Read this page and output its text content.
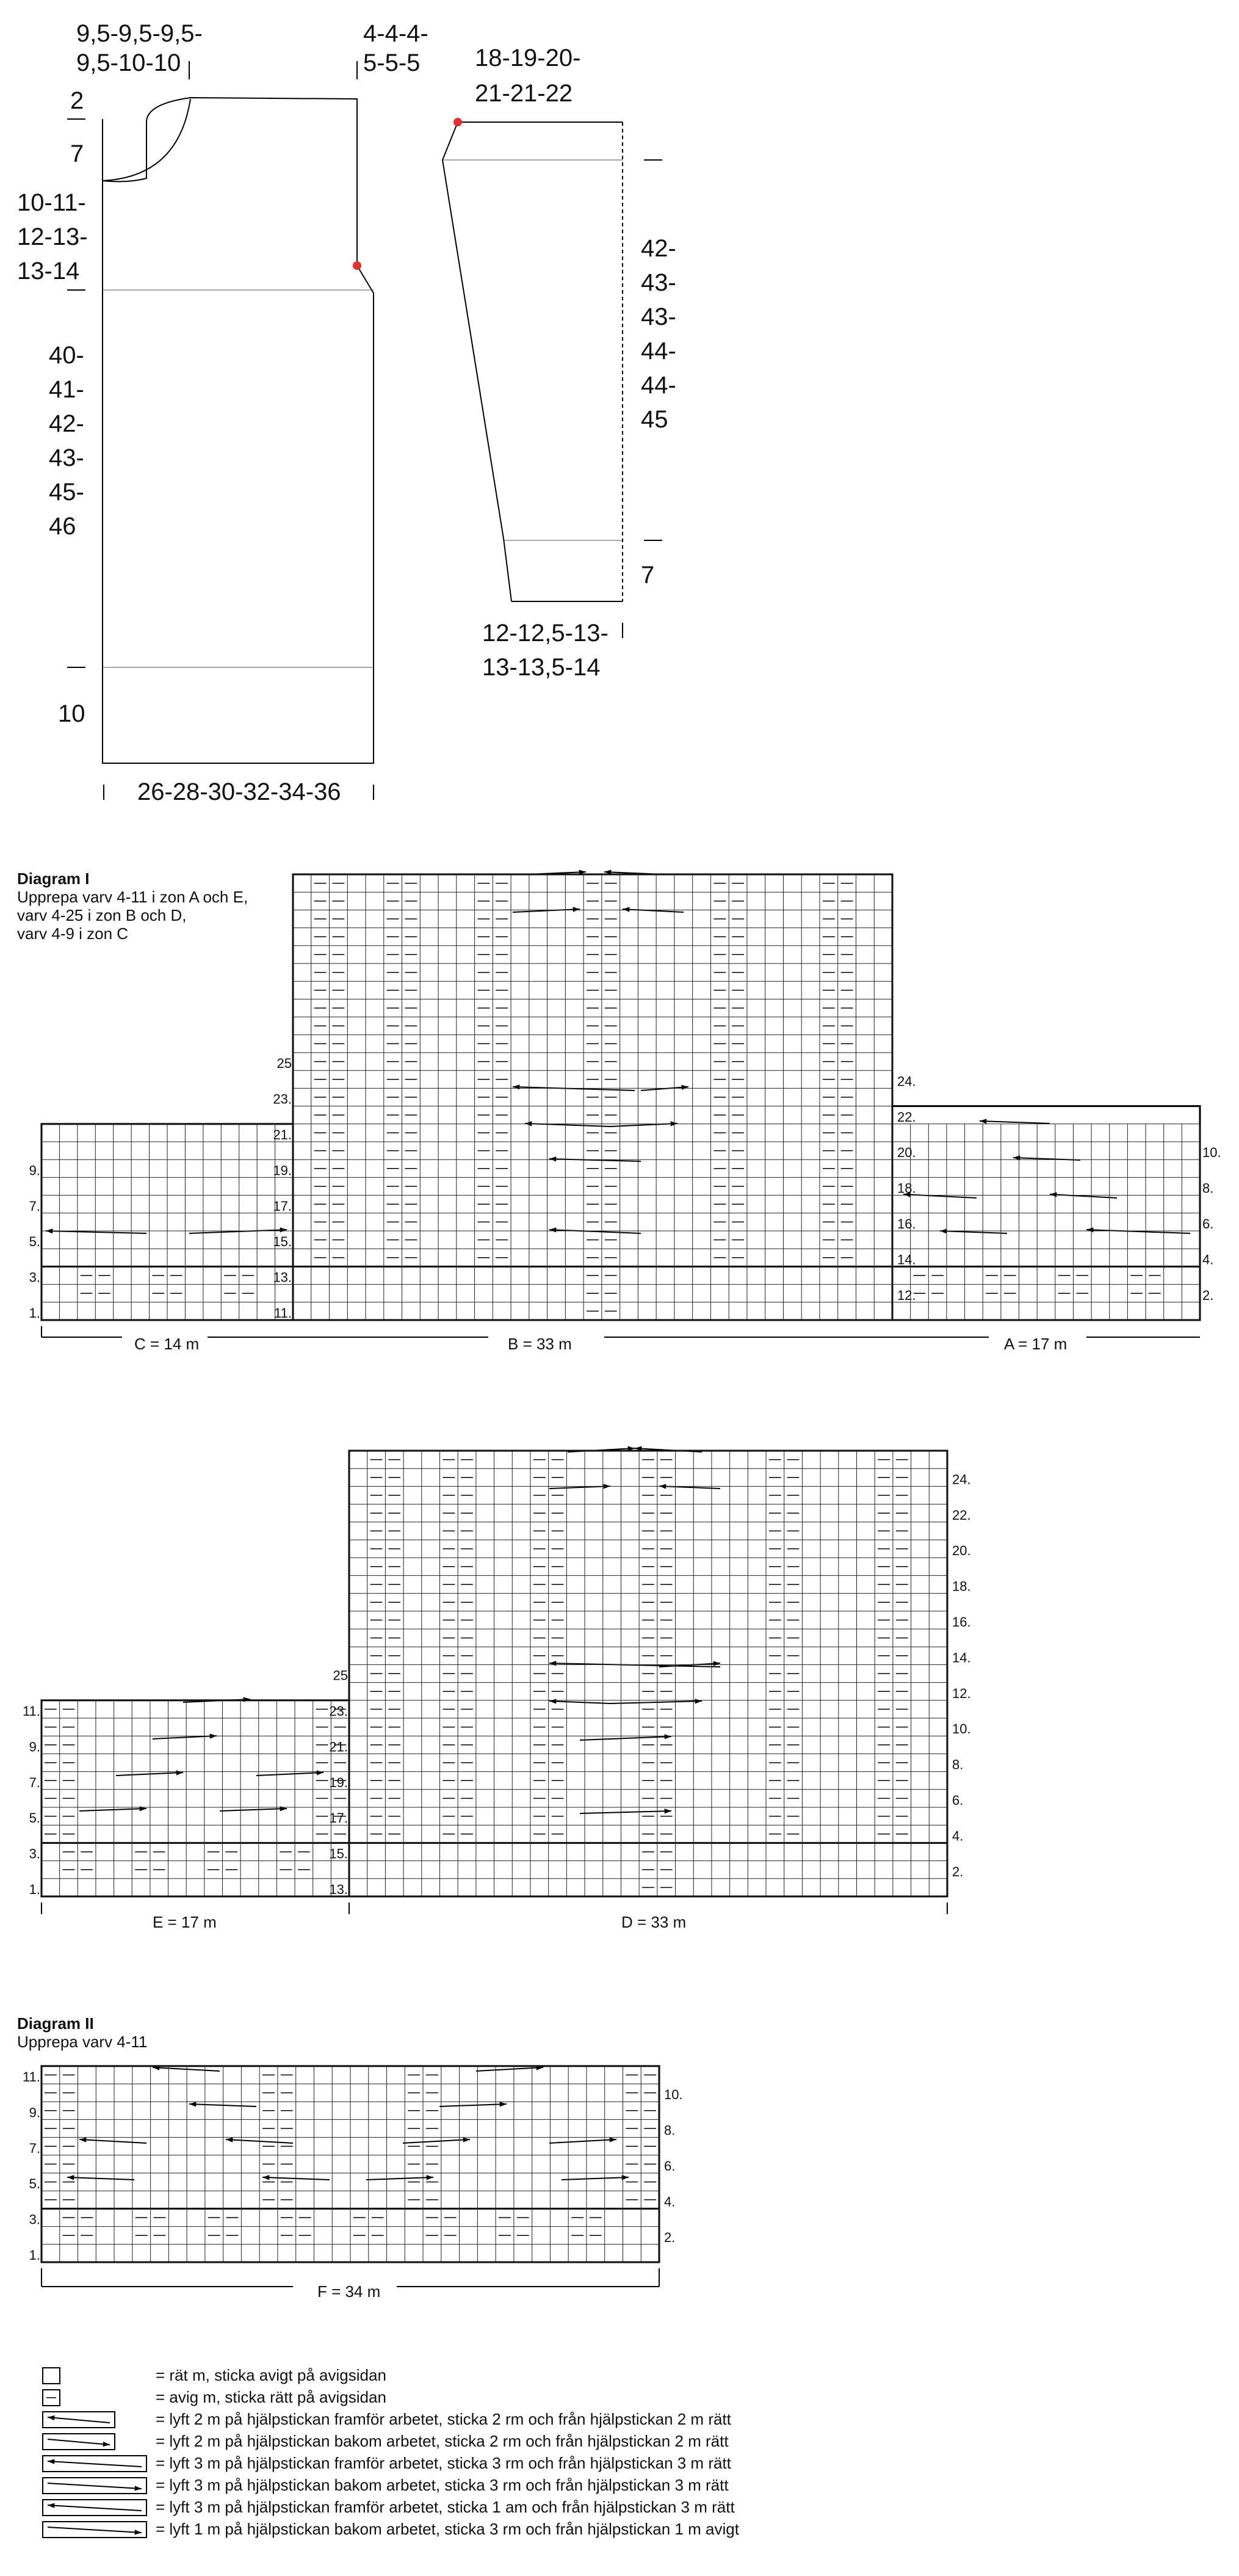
1.
3.
5.
7.
9.
11.
13.
15.
17.
19.
21.
23.
25
12.
14.
16.
18.
20.
22.
24.
2.
4.
6.
8.
10.
1.
3.
5.
7.
9.
11.
13.
15.
17.
19.
21.
23.
25
2.
4.
6.
8.
10.
12.
14.
16.
18.
20.
22.
24.
1.
3.
5.
7.
9.
11.
2.
4.
6.
8.
10.
9,5-9,5-9,5-9,5-10-10
4-4-4-5-5-5
2
7
10-11-12-13-13-14
40-41-42-43-45-46
10
26-28-30-32-34-36
18-19-20-21-21-22
42-43-43-44-44-45
7
12-12,5-13-13-13,5-14
Diagram I
Upprepa varv 4-11 i zon A och E,
varv 4-25 i zon B och D,
varv 4-9 i zon C
C = 14 m	B = 33 m	A = 17 m
E = 17 m	D = 33 m
Diagram II
Upprepa varv 4-11
F = 34 m
= rät m, sticka avigt på avigsidan
= avig m, sticka rätt på avigsidan
= lyft 2 m på hjälpstickan framför arbetet, sticka 2 rm och från hjälpstickan 2 m rätt
= lyft 2 m på hjälpstickan bakom arbetet, sticka 2 rm och från hjälpstickan 2 m rätt
= lyft 3 m på hjälpstickan framför arbetet, sticka 3 rm och från hjälpstickan 3 m rätt
= lyft 3 m på hjälpstickan bakom arbetet, sticka 3 rm och från hjälpstickan 3 m rätt
= lyft 3 m på hjälpstickan framför arbetet, sticka 1 am och från hjälpstickan 3 m rätt
= lyft 1 m på hjälpstickan bakom arbetet, sticka 3 rm och från hjälpstickan 1 m avigt
